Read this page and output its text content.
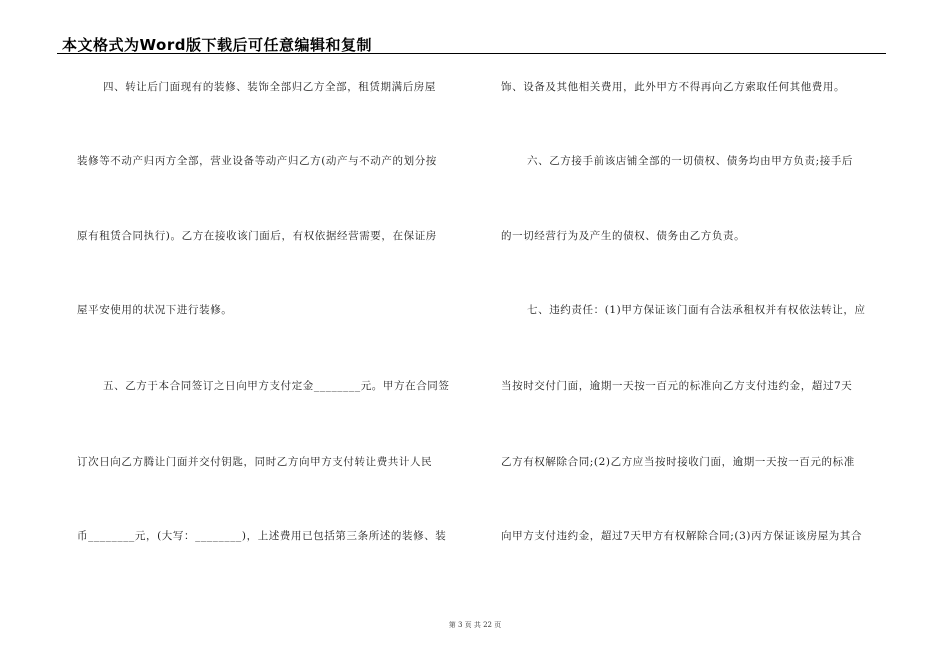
本文格式为Word版下载后可任意编辑和复制
四、转让后门面现有的装修、装饰全部归乙方全部，租赁期满后房屋
装修等不动产归丙方全部，营业设备等动产归乙方(动产与不动产的划分按
原有租赁合同执行)。乙方在接收该门面后，有权依据经营需要，在保证房
屋平安使用的状况下进行装修。
五、乙方于本合同签订之日向甲方支付定金________元。甲方在合同签
订次日向乙方腾让门面并交付钥匙，同时乙方向甲方支付转让费共计人民
币________元，(大写：________)，上述费用已包括第三条所述的装修、装
饰、设备及其他相关费用，此外甲方不得再向乙方索取任何其他费用。
六、乙方接手前该店铺全部的一切债权、债务均由甲方负责;接手后
的一切经营行为及产生的债权、债务由乙方负责。
七、违约责任：(1)甲方保证该门面有合法承租权并有权依法转让，应
当按时交付门面，逾期一天按一百元的标准向乙方支付违约金，超过7天
乙方有权解除合同;(2)乙方应当按时接收门面，逾期一天按一百元的标准
向甲方支付违约金，超过7天甲方有权解除合同;(3)丙方保证该房屋为其合
第 3 页 共 22 页
